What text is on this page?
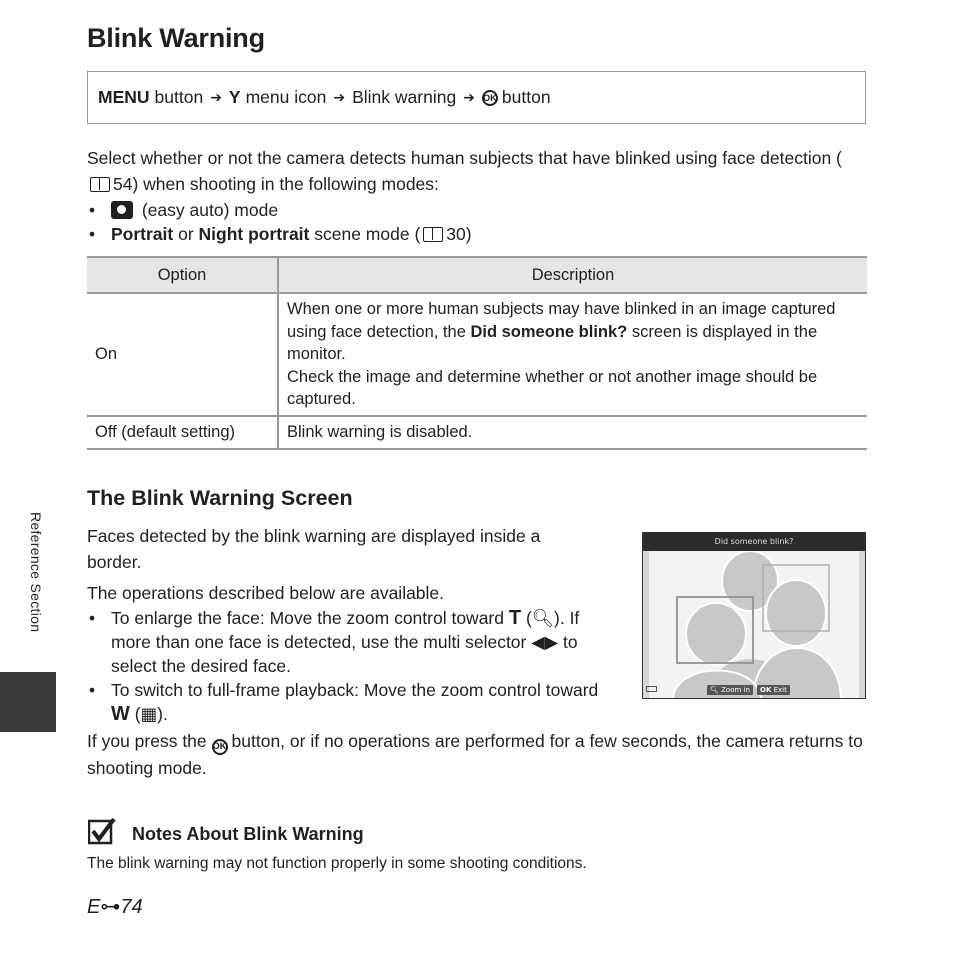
Blink Warning
MENU button ➔ Y menu icon ➔ Blink warning ➔ OK button

Select whether or not the camera detects human subjects that have blinked using face detection (54) when shooting in the following modes:

• (easy auto) mode
• Portrait or Night portrait scene mode ( 30)
Option	Description
On	When one or more human subjects may have blinked in an image captured using face detection, the Did someone blink? screen is displayed in the monitor.
Check the image and determine whether or not another image should be captured.
Off (default setting)	Blink warning is disabled.
The Blink Warning Screen

Faces detected by the blink warning are displayed inside a border.

The operations described below are available.

• To enlarge the face: Move the zoom control toward T (🔍︎). If more than one face is detected, use the multi selector ◀▶ to select the desired face.
• To switch to full-frame playback: Move the zoom control toward W (▦).

If you press the OK button, or if no operations are performed for a few seconds, the camera returns to shooting mode.

Did someone blink?
🔍︎ Zoom in	OK Exit

Notes About Blink Warning

The blink warning may not function properly in some shooting conditions.

E⊶74
Reference Section
